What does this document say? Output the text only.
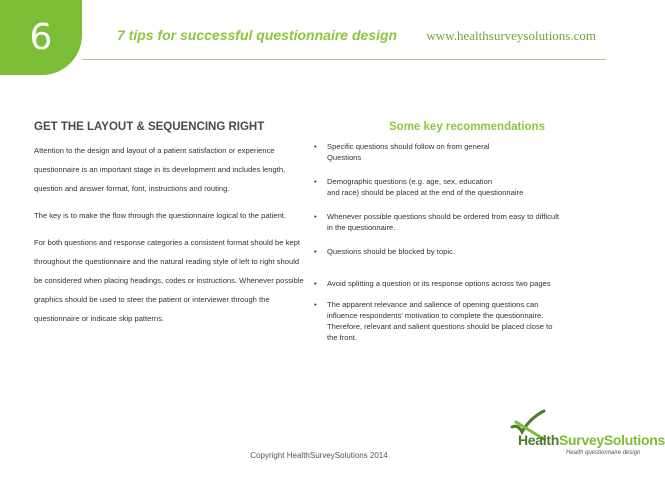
6	7 tips for successful questionnaire design www.healthsurveysolutions.com
GET THE LAYOUT & SEQUENCING RIGHT

Attention to the design and layout of a patient satisfaction or experience questionnaire is an important stage in its development and includes length, question and answer format, font, instructions and routing.

The key is to make the flow through the questionnaire logical to the patient.

For both questions and response categories a consistent format should be kept throughout the questionnaire and the natural reading style of left to right should be considered when placing headings, codes or instructions. Whenever possible graphics should be used to steer the patient or interviewer through the questionnaire or indicate skip patterns.

Some key recommendations
• Specific questions should follow on from general
Questions
• Demographic questions (e.g. age, sex, education
and race) should be placed at the end of the questionnaire
• Whenever possible questions should be ordered from easy to difficult
in the questionnaire.
• Questions should be blocked by topic.
• Avoid splitting a question or its response options across two pages
• The apparent relevance and salience of opening questions can
influence respondents' motivation to complete the questionnaire.
Therefore, relevant and salient questions should be placed close to
the front.
Copyright HealthSurveySolutions 2014
HealthSurveySolutions
Health questionnaire design
